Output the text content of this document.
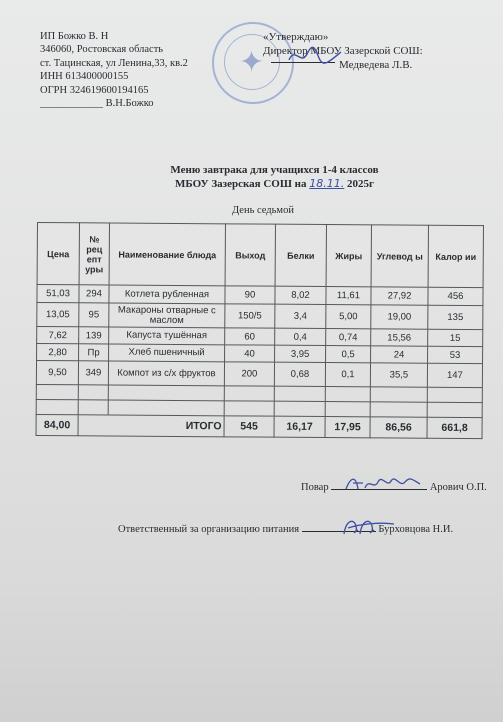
ИП Божко В. Н
346060, Ростовская область
ст. Тацинская, ул Ленина,33, кв.2
ИНН 613400000155
ОГРН 324619600194165
____________ В.Н.Божко
✦
«Утверждаю»
Директор МБОУ Зазерской СОШ:
Медведева Л.В.
Меню завтрака для учащихся 1-4 классов
МБОУ Зазерская СОШ на 18.11. 2025г
День седьмой
Цена	№ рец епт уры	Наименование блюда	Выход	Белки	Жиры	Углевод ы	Калор ии
51,03	294	Котлета рубленная	90	8,02	11,61	27,92	456
13,05	95	Макароны отварные с маслом	150/5	3,4	5,00	19,00	135
7,62	139	Капуста тушённая	60	0,4	0,74	15,56	15
2,80	Пр	Хлеб пшеничный	40	3,95	0,5	24	53
9,50	349	Компот из с/х фруктов	200	0,68	0,1	35,5	147

84,00	ИТОГО		545	16,17	17,95	86,56	661,8
Повар	Арович О.П.
Ответственный за организацию питания	Бурховцова Н.И.
